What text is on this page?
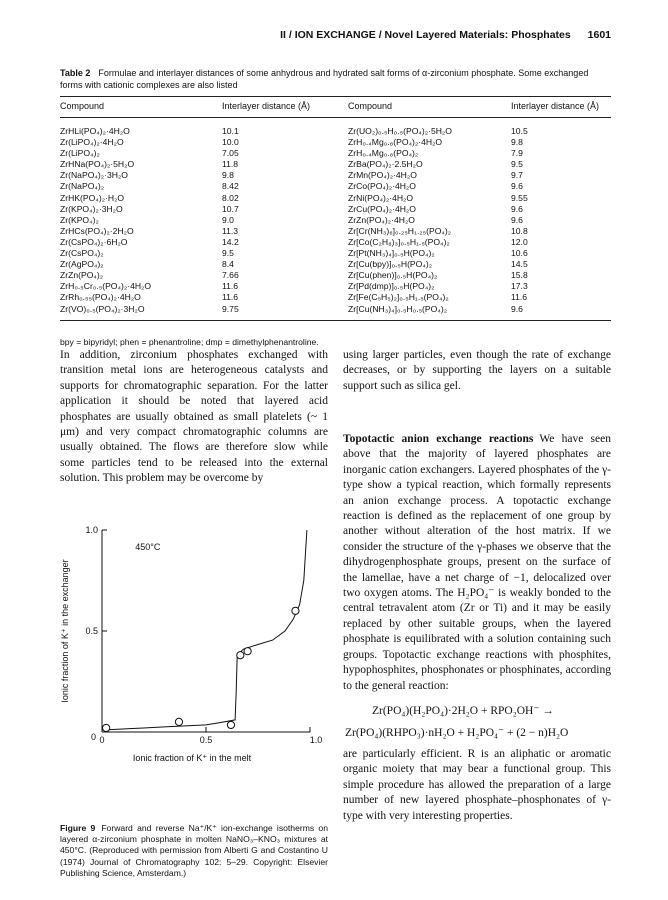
II / ION EXCHANGE / Novel Layered Materials: Phosphates 1601
Table 2 Formulae and interlayer distances of some anhydrous and hydrated salt forms of α-zirconium phosphate. Some exchanged forms with cationic complexes are also listed
Compound	Interlayer distance (Å)	Compound	Interlayer distance (Å)
ZrHLi(PO₄)₂·4H₂O	10.1	Zr(UO₂)₀.₅H₀.₅(PO₄)₂·5H₂O	10.5
Zr(LiPO₄)₂·4H₂O	10.0	ZrH₀.₄Mg₀.₈(PO₄)₂·4H₂O	9.8
Zr(LiPO₄)₂	7.05	ZrH₀.₄Mg₀.₈(PO₄)₂	7.9
ZrHNa(PO₄)₂·5H₂O	11.8	ZrBa(PO₄)₂·2.5H₂O	9.5
Zr(NaPO₄)₂·3H₂O	9.8	ZrMn(PO₄)₂·4H₂O	9.7
Zr(NaPO₄)₂	8.42	ZrCo(PO₄)₂·4H₂O	9.6
ZrHK(PO₄)₂·H₂O	8.02	ZrNi(PO₄)₂·4H₂O	9.55
Zr(KPO₄)₂·3H₂O	10.7	ZrCu(PO₄)₂·4H₂O	9.6
Zr(KPO₄)₂	9.0	ZrZn(PO₄)₂·4H₂O	9.6
ZrHCs(PO₄)₂·2H₂O	11.3	Zr[Cr(NH₃)₆]₀.₂₅H₁.₂₅(PO₄)₂	10.8
Zr(CsPO₄)₂·6H₂O	14.2	Zr[Co(C₂H₈)₃]₀.₅H₁.₅(PO₄)₂	12.0
Zr(CsPO₄)₂	9.5	Zr[Pt(NH₃)₄]₀.₅H(PO₄)₂	10.6
Zr(AgPO₄)₂	8.4	Zr[Cu(bpy)]₀.₅H(PO₄)₂	14.5
ZrZn(PO₄)₂	7.66	Zr[Cu(phen)]₀.₅H(PO₄)₂	15.8
ZrH₀.₅Cr₀.₅(PO₄)₂·4H₂O	11.6	Zr[Pd(dmp)]₀.₅H(PO₄)₂	17.3
ZrRh₀.₅₅(PO₄)₂·4H₂O	11.6	Zr[Fe(C₅H₅)₂]₀.₅H₁.₅(PO₄)₂	11.6
Zr(VO)₀.₅(PO₄)₂·3H₂O	9.75	Zr[Cu(NH₃)₄]₀.₅H₀.₅(PO₄)₂	9.6
bpy = bipyridyl; phen = phenantroline; dmp = dimethylphenantroline.
In addition, zirconium phosphates exchanged with transition metal ions are heterogeneous catalysts and supports for chromatographic separation. For the latter application it should be noted that layered acid phosphates are usually obtained as small platelets (~ 1 μm) and very compact chromatographic columns are usually obtained. The flows are therefore slow while some particles tend to be released into the external solution. This problem may be overcome by
using larger particles, even though the rate of exchange decreases, or by supporting the layers on a suitable support such as silica gel.
Topotactic anion exchange reactions We have seen above that the majority of layered phosphates are inorganic cation exchangers. Layered phosphates of the γ-type show a typical reaction, which formally represents an anion exchange process. A topotactic exchange reaction is defined as the replacement of one group by another without alteration of the host matrix. If we consider the structure of the γ-phases we observe that the dihydrogenphosphate groups, present on the surface of the lamellae, have a net charge of −1, delocalized over two oxygen atoms. The H₂PO₄⁻ is weakly bonded to the central tetravalent atom (Zr or Ti) and it may be easily replaced by other suitable groups, when the layered phosphate is equilibrated with a solution containing such groups. Topotactic exchange reactions with phosphites, hypophosphites, phosphonates or phosphinates, according to the general reaction:
Zr(PO₄)(H₂PO₄)·2H₂O + RPO₂OH⁻ →
Zr(PO₄)(RHPO₃)·nH₂O + H₂PO₄⁻ + (2 − n)H₂O
are particularly efficient. R is an aliphatic or aromatic organic moiety that may bear a functional group. This simple procedure has allowed the preparation of a large number of new layered phosphate–phosphonates of γ-type with very interesting properties.
0	0.5
0.5
1.0
1.0
0
Ionic fraction of K⁺ in the melt
Ionic fraction of K⁺ in the exchanger
450°C
Figure 9 Forward and reverse Na⁺/K⁺ ion-exchange isotherms on layered α-zirconium phosphate in molten NaNO₃–KNO₃ mixtures at 450°C. (Reproduced with permission from Alberti G and Costantino U (1974) Journal of Chromatography 102: 5–29. Copyright: Elsevier Publishing Science, Amsterdam.)
